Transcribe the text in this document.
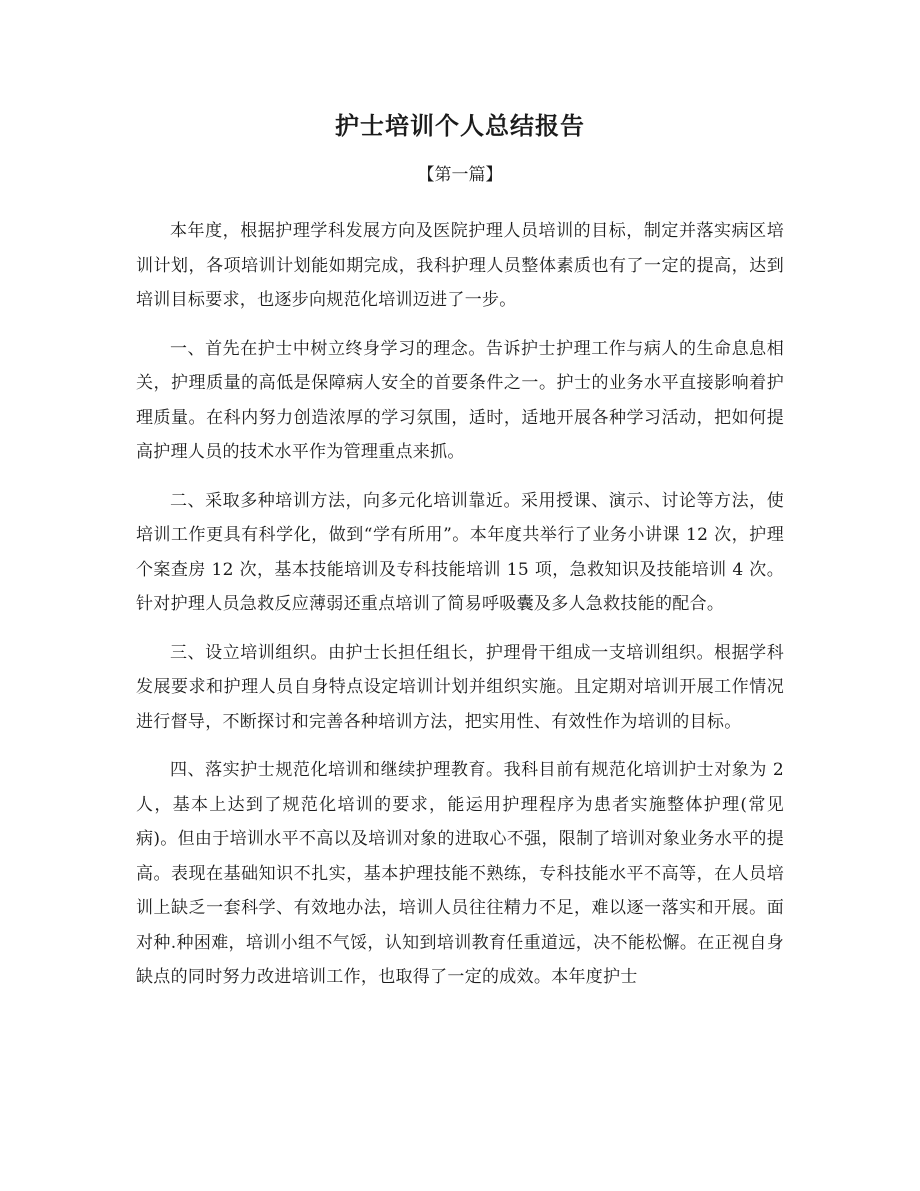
护士培训个人总结报告
【第一篇】

本年度，根据护理学科发展方向及医院护理人员培训的目标，制定并落实病区培训计划，各项培训计划能如期完成，我科护理人员整体素质也有了一定的提高，达到培训目标要求，也逐步向规范化培训迈进了一步。

一、首先在护士中树立终身学习的理念。告诉护士护理工作与病人的生命息息相关，护理质量的高低是保障病人安全的首要条件之一。护士的业务水平直接影响着护理质量。在科内努力创造浓厚的学习氛围，适时，适地开展各种学习活动，把如何提高护理人员的技术水平作为管理重点来抓。

二、采取多种培训方法，向多元化培训靠近。采用授课、演示、讨论等方法，使培训工作更具有科学化，做到“学有所用”。本年度共举行了业务小讲课 12 次，护理个案查房 12 次，基本技能培训及专科技能培训 15 项，急救知识及技能培训 4 次。针对护理人员急救反应薄弱还重点培训了简易呼吸囊及多人急救技能的配合。

三、设立培训组织。由护士长担任组长，护理骨干组成一支培训组织。根据学科发展要求和护理人员自身特点设定培训计划并组织实施。且定期对培训开展工作情况进行督导，不断探讨和完善各种培训方法，把实用性、有效性作为培训的目标。

四、落实护士规范化培训和继续护理教育。我科目前有规范化培训护士对象为 2 人，基本上达到了规范化培训的要求，能运用护理程序为患者实施整体护理(常见病)。但由于培训水平不高以及培训对象的进取心不强，限制了培训对象业务水平的提高。表现在基础知识不扎实，基本护理技能不熟练，专科技能水平不高等，在人员培训上缺乏一套科学、有效地办法，培训人员往往精力不足，难以逐一落实和开展。面对种.种困难，培训小组不气馁，认知到培训教育任重道远，决不能松懈。在正视自身缺点的同时努力改进培训工作，也取得了一定的成效。本年度护士
